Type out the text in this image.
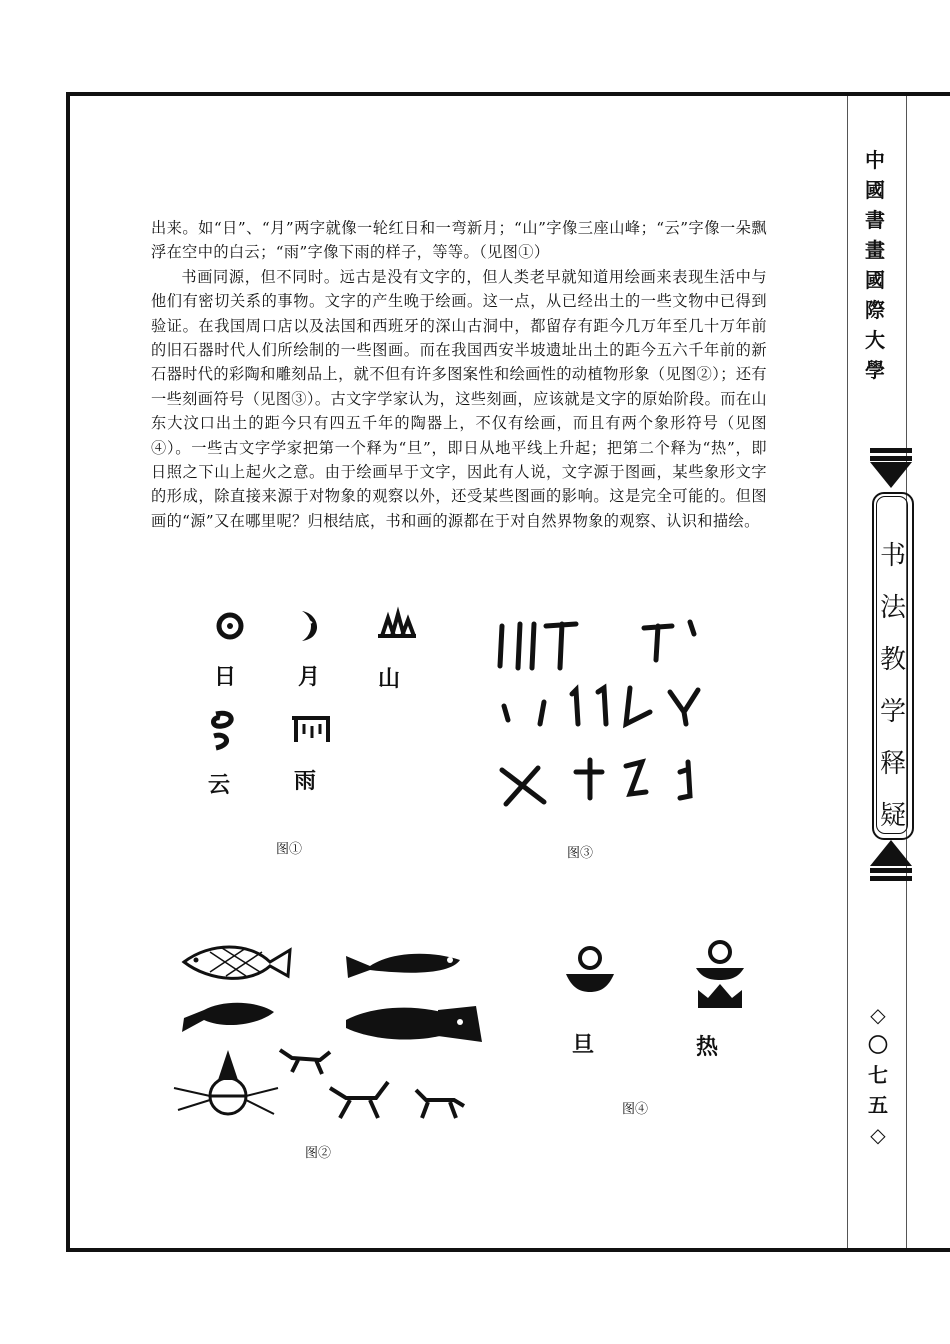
中
國
書
畫
國
際
大
學
书
法
教
学
释
疑
◇
〇
七
五
◇

出来。如“日”、“月”两字就像一轮红日和一弯新月；“山”字像三座山峰；“云”字像一朵飘浮在空中的白云；“雨”字像下雨的样子，等等。（见图①）

书画同源，但不同时。远古是没有文字的，但人类老早就知道用绘画来表现生活中与他们有密切关系的事物。文字的产生晚于绘画。这一点，从已经出土的一些文物中已得到验证。在我国周口店以及法国和西班牙的深山古洞中，都留存有距今几万年至几十万年前的旧石器时代人们所绘制的一些图画。而在我国西安半坡遗址出土的距今五六千年前的新石器时代的彩陶和雕刻品上，就不但有许多图案性和绘画性的动植物形象（见图②）；还有一些刻画符号（见图③）。古文字学家认为，这些刻画，应该就是文字的原始阶段。而在山东大汶口出土的距今只有四五千年的陶器上，不仅有绘画，而且有两个象形符号（见图④）。一些古文字学家把第一个释为“旦”，即日从地平线上升起；把第二个释为“热”，即日照之下山上起火之意。由于绘画早于文字，因此有人说，文字源于图画，某些象形文字的形成，除直接来源于对物象的观察以外，还受某些图画的影响。这是完全可能的。但图画的“源”又在哪里呢？归根结底，书和画的源都在于对自然界物象的观察、认识和描绘。

日	月	山
云	雨
图①	图③
图②
旦	热
图④
